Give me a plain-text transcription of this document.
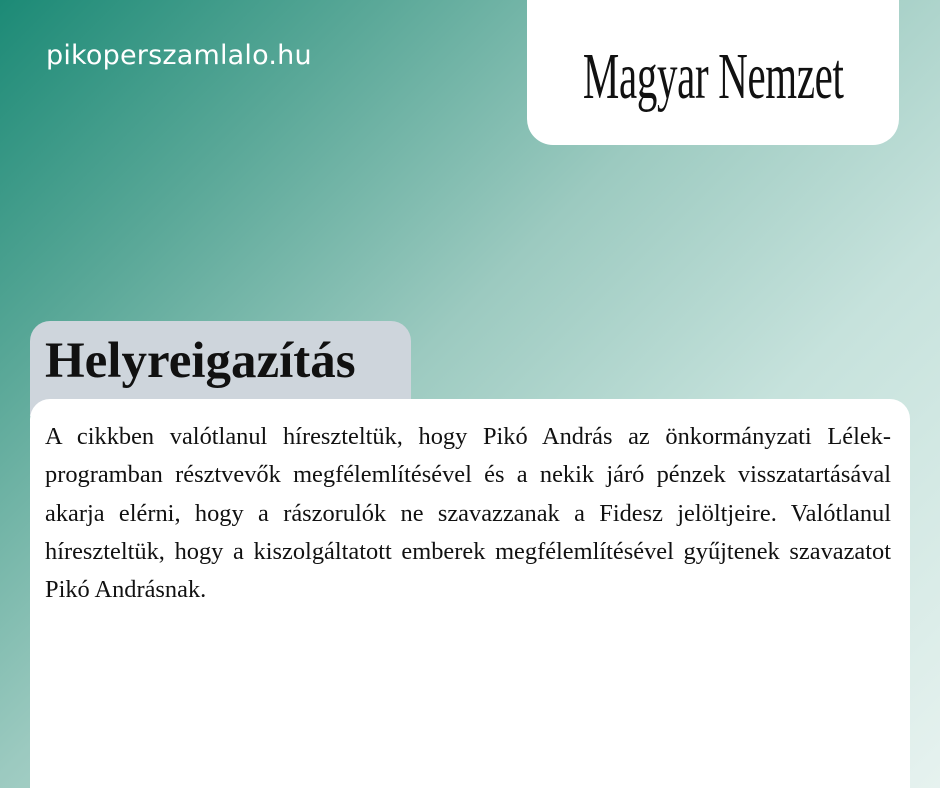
pikoperszamlalo.hu	Magyar Nemzet
Helyreigazítás

A cikkben valótlanul híreszteltük, hogy Pikó András az önkormányzati Lélek-programban résztvevők megfélemlítésével és a nekik járó pénzek visszatartásával akarja elérni, hogy a rászorulók ne szavazzanak a Fidesz jelöltjeire. Valótlanul híreszteltük, hogy a kiszolgáltatott emberek megfélemlítésével gyűjtenek szavazatot Pikó Andrásnak.
